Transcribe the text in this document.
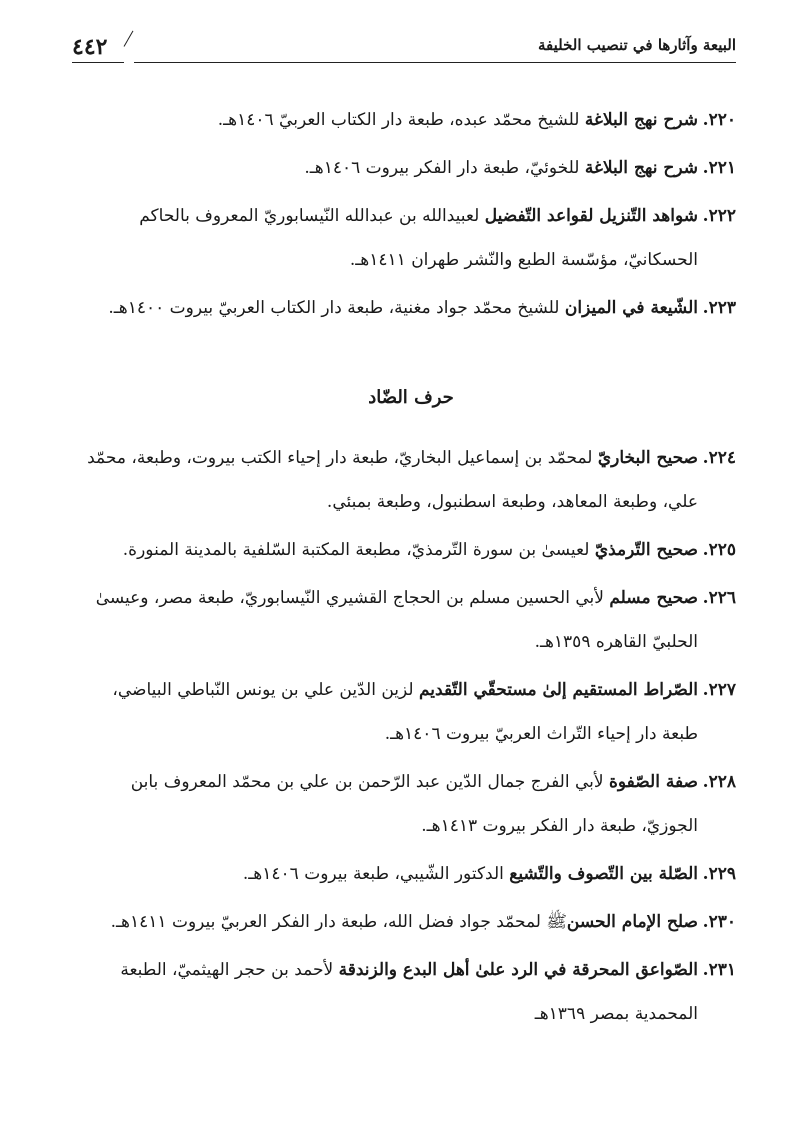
٤٤٢	البيعة وآثارها في تنصيب الخليفة
٢٢٠.
شرح نهج البلاغة للشيخ محمّد عبده، طبعة دار الكتاب العربيّ ١٤٠٦هـ.
٢٢١.
شرح نهج البلاغة للخوئيّ، طبعة دار الفكر بيروت ١٤٠٦هـ.
٢٢٢.
شواهد التّنزيل لقواعد التّفضيل لعبيدالله بن عبدالله النّيسابوريّ المعروف بالحاكم الحسكانيّ، مؤسّسة الطبع والنّشر طهران ١٤١١هـ.
٢٢٣.
الشّيعة في الميزان للشيخ محمّد جواد مغنية، طبعة دار الكتاب العربيّ بيروت ١٤٠٠هـ.
حرف الضّاد
٢٢٤.
صحيح البخاريّ لمحمّد بن إسماعيل البخاريّ، طبعة دار إحياء الكتب بيروت، وطبعة، محمّد علي، وطبعة المعاهد، وطبعة اسطنبول، وطبعة بمبئي.
٢٢٥.
صحيح التّرمذيّ لعيسىٰ بن سورة التّرمذيّ، مطبعة المكتبة السّلفية بالمدينة المنورة.
٢٢٦.
صحيح مسلم لأبي الحسين مسلم بن الحجاج القشيري النّيسابوريّ، طبعة مصر، وعيسىٰ الحلبيّ القاهره ١٣٥٩هـ.
٢٢٧.
الصّراط المستقيم إلىٰ مستحقّي التّقديم لزين الدّين علي بن يونس النّباطي البياضي، طبعة دار إحياء التّراث العربيّ بيروت ١٤٠٦هـ.
٢٢٨.
صفة الصّفوة لأبي الفرج جمال الدّين عبد الرّحمن بن علي بن محمّد المعروف بابن الجوزيّ، طبعة دار الفكر بيروت ١٤١٣هـ.
٢٢٩.
الصّلة بين التّصوف والتّشيع الدكتور الشّيبي، طبعة بيروت ١٤٠٦هـ.
٢٣٠.
صلح الإمام الحسنﷺ لمحمّد جواد فضل الله، طبعة دار الفكر العربيّ بيروت ١٤١١هـ.
٢٣١.
الصّواعق المحرقة في الرد علىٰ أهل البدع والزندقة لأحمد بن حجر الهيثميّ، الطبعة المحمدية بمصر ١٣٦٩هـ
